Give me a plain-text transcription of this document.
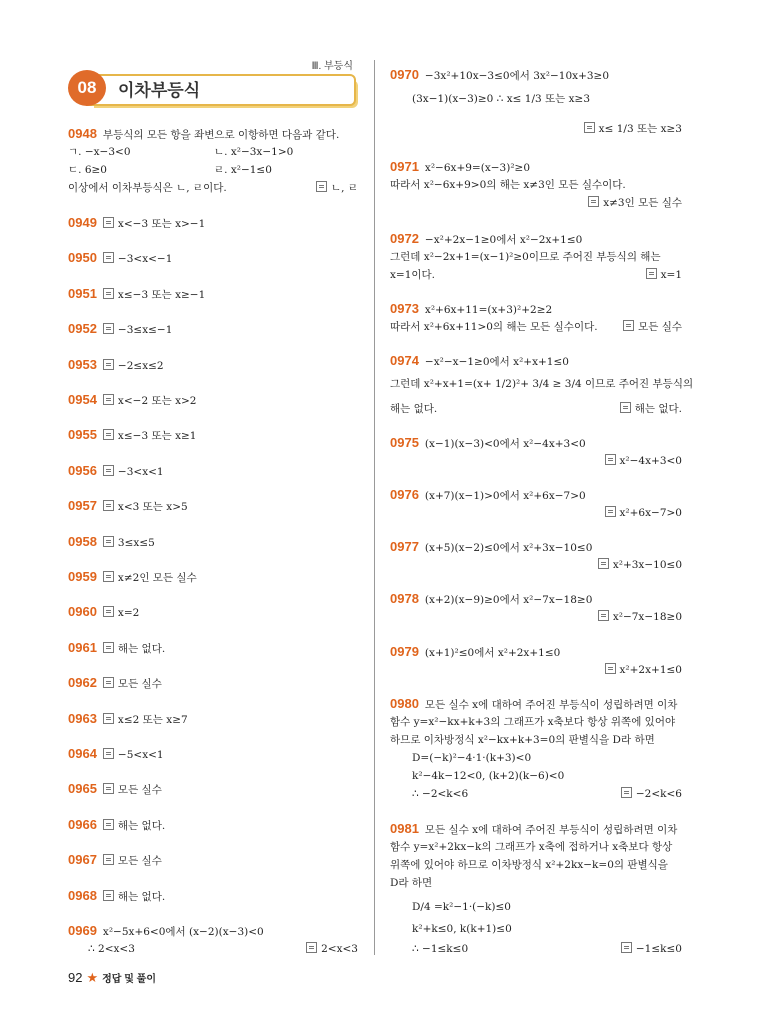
Ⅲ. 부등식
08	이차부등식
0948 부등식의 모든 항을 좌변으로 이항하면 다음과 같다.
ㄱ. −x−3<0	ㄴ. x²−3x−1>0
ㄷ. 6≥0	ㄹ. x²−1≤0
이상에서 이차부등식은 ㄴ, ㄹ이다.	ㄴ, ㄹ
0949 x<−3 또는 x>−1
0950 −3<x<−1
0951 x≤−3 또는 x≥−1
0952 −3≤x≤−1
0953 −2≤x≤2
0954 x<−2 또는 x>2
0955 x≤−3 또는 x≥1
0956 −3<x<1
0957 x<3 또는 x>5
0958 3≤x≤5
0959 x≠2인 모든 실수
0960 x=2
0961 해는 없다.
0962 모든 실수
0963 x≤2 또는 x≥7
0964 −5<x<1
0965 모든 실수
0966 해는 없다.
0967 모든 실수
0968 해는 없다.
0969 x²−5x+6<0에서 (x−2)(x−3)<0
∴ 2<x<3	2<x<3
0970 −3x²+10x−3≤0에서 3x²−10x+3≥0
(3x−1)(x−3)≥0 ∴ x≤ 1/3 또는 x≥3
x≤ 1/3 또는 x≥3
0971 x²−6x+9=(x−3)²≥0
따라서 x²−6x+9>0의 해는 x≠3인 모든 실수이다.
x≠3인 모든 실수
0972 −x²+2x−1≥0에서 x²−2x+1≤0
그런데 x²−2x+1=(x−1)²≥0이므로 주어진 부등식의 해는
x=1이다.	x=1
0973 x²+6x+11=(x+3)²+2≥2
따라서 x²+6x+11>0의 해는 모든 실수이다.	모든 실수
0974 −x²−x−1≥0에서 x²+x+1≤0
그런데 x²+x+1=(x+ 1/2)²+ 3/4 ≥ 3/4 이므로 주어진 부등식의
해는 없다.	해는 없다.
0975 (x−1)(x−3)<0에서 x²−4x+3<0
x²−4x+3<0
0976 (x+7)(x−1)>0에서 x²+6x−7>0
x²+6x−7>0
0977 (x+5)(x−2)≤0에서 x²+3x−10≤0
x²+3x−10≤0
0978 (x+2)(x−9)≥0에서 x²−7x−18≥0
x²−7x−18≥0
0979 (x+1)²≤0에서 x²+2x+1≤0
x²+2x+1≤0
0980 모든 실수 x에 대하여 주어진 부등식이 성립하려면 이차
함수 y=x²−kx+k+3의 그래프가 x축보다 항상 위쪽에 있어야
하므로 이차방정식 x²−kx+k+3=0의 판별식을 D라 하면
D=(−k)²−4·1·(k+3)<0
k²−4k−12<0, (k+2)(k−6)<0
∴ −2<k<6	−2<k<6
0981 모든 실수 x에 대하여 주어진 부등식이 성립하려면 이차
함수 y=x²+2kx−k의 그래프가 x축에 접하거나 x축보다 항상
위쪽에 있어야 하므로 이차방정식 x²+2kx−k=0의 판별식을
D라 하면
D/4 =k²−1·(−k)≤0
k²+k≤0, k(k+1)≤0
∴ −1≤k≤0	−1≤k≤0
92 ★ 정답 및 풀이
